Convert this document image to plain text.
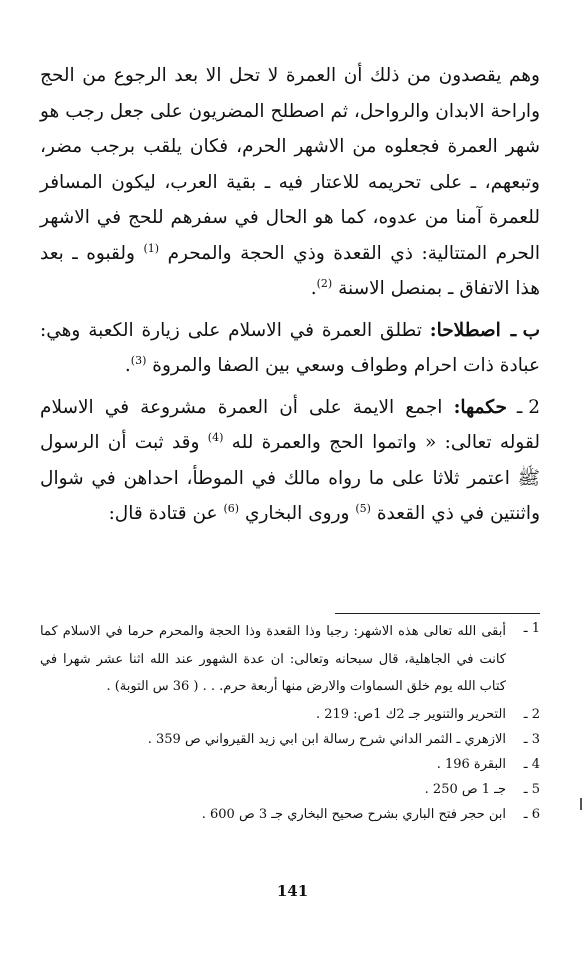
وهم يقصدون من ذلك أن العمرة لا تحل الا بعد الرجوع من الحج واراحة الابدان والرواحل، ثم اصطلح المضريون على جعل رجب هو شهر العمرة فجعلوه من الاشهر الحرم، فكان يلقب برجب مضر، وتبعهم، ـ على تحريمه للاعتار فيه ـ بقية العرب، ليكون المسافر للعمرة آمنا من عدوه، كما هو الحال في سفرهم للحج في الاشهر الحرم المتتالية: ذي القعدة وذي الحجة والمحرم $^{(1)}$ ولقبوه ـ بعد هذا الاتفاق ـ بمنصل الاسنة $^{(2)}$.

ب ـاصطلاحا: تطلق العمرة في الاسلام على زيارة الكعبة وهي: عبادة ذات احرام وطواف وسعي بين الصفا والمروة $^{(3)}$.

2 ـحكمها: اجمع الايمة على أن العمرة مشروعة في الاسلام لقوله تعالى: « واتموا الحج والعمرة لله $^{(4)}$ وقد ثبت أن الرسول ﷺ اعتمر ثلاثا على ما رواه مالك في الموطأ، احداهن في شوال واثنتين في ذي القعدة $^{(5)}$ وروى البخاري $^{(6)}$ عن قتادة قال:

1 ـ
أبقى الله تعالى هذه الاشهر: رجبا وذا القعدة وذا الحجة والمحرم حرما في الاسلام كما كانت في الجاهلية، قال سبحانه وتعالى: ان عدة الشهور عند الله اثنا عشر شهرا في كتاب الله يوم خلق السماوات والارض منها أربعة حرم. . . ( 36 س التوبة) .
2 ـ
التحرير والتنوير جـ 2ك 1ص: 219 .
3 ـ
الازهري ـ الثمر الداني شرح رسالة ابن ابي زيد القيرواني ص 359 .
4 ـ
البقرة 196 .
5 ـ
جـ 1 ص 250 .
6 ـ
ابن حجر فتح الباري بشرح صحيح البخاري جـ 3 ص 600 .
141
